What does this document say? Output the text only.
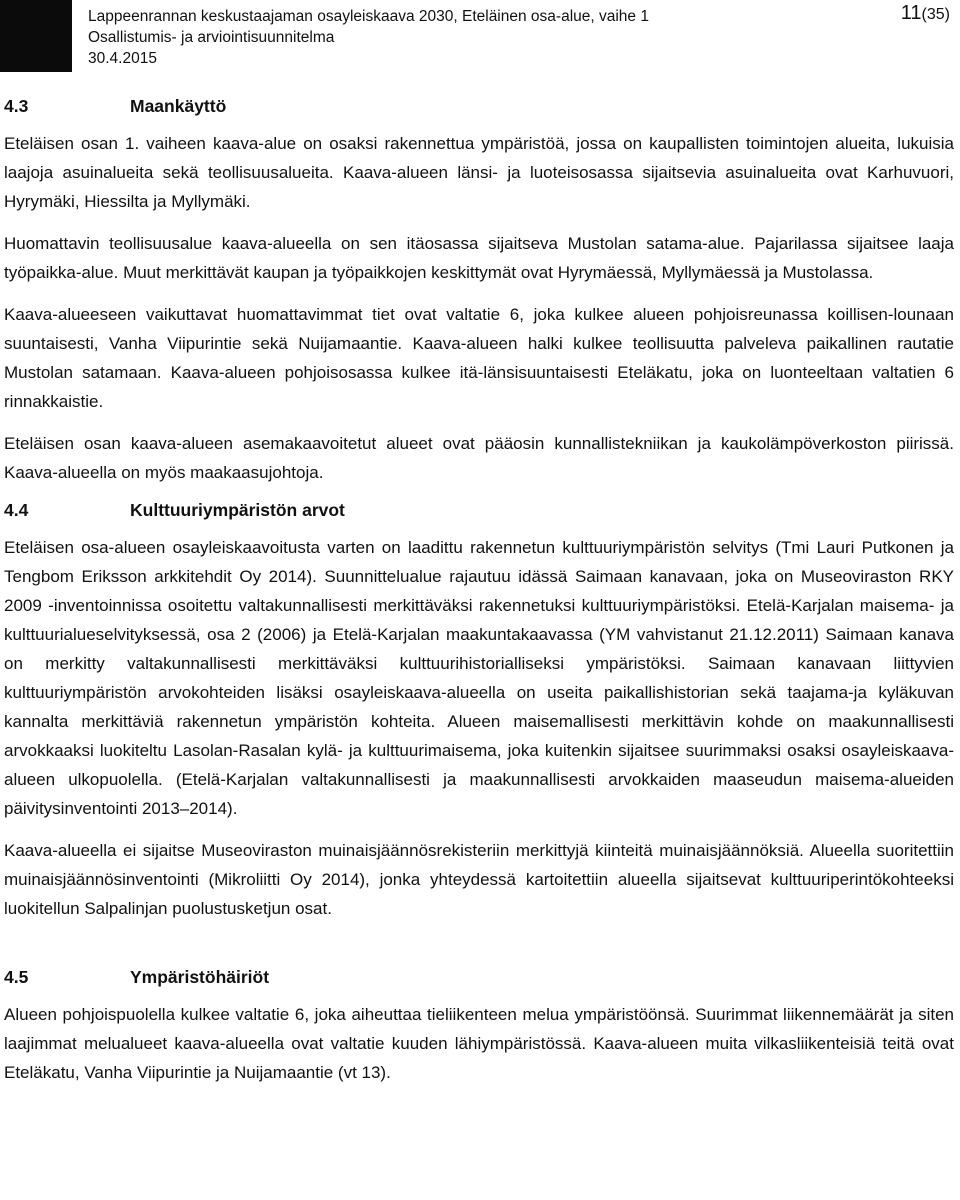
Lappeenrannan keskustaajaman osayleiskaava 2030, Eteläinen osa-alue, vaihe 1
Osallistumis- ja arviointisuunnitelma
30.4.2015
11(35)
4.3	Maankäyttö

Eteläisen osan 1. vaiheen kaava-alue on osaksi rakennettua ympäristöä, jossa on kaupallisten toimintojen alueita, lukuisia laajoja asuinalueita sekä teollisuusalueita. Kaava-alueen länsi- ja luoteisosassa sijaitsevia asuinalueita ovat Karhuvuori, Hyrymäki, Hiessilta ja Myllymäki.

Huomattavin teollisuusalue kaava-alueella on sen itäosassa sijaitseva Mustolan satama-alue. Pajarilassa sijaitsee laaja työpaikka-alue. Muut merkittävät kaupan ja työpaikkojen keskittymät ovat Hyrymäessä, Myllymäessä ja Mustolassa.

Kaava-alueeseen vaikuttavat huomattavimmat tiet ovat valtatie 6, joka kulkee alueen pohjoisreunassa koillisen-lounaan suuntaisesti, Vanha Viipurintie sekä Nuijamaantie. Kaava-alueen halki kulkee teollisuutta palveleva paikallinen rautatie Mustolan satamaan. Kaava-alueen pohjoisosassa kulkee itä-länsisuuntaisesti Eteläkatu, joka on luonteeltaan valtatien 6 rinnakkaistie.

Eteläisen osan kaava-alueen asemakaavoitetut alueet ovat pääosin kunnallistekniikan ja kaukolämpöverkoston piirissä. Kaava-alueella on myös maakaasujohtoja.

4.4	Kulttuuriympäristön arvot

Eteläisen osa-alueen osayleiskaavoitusta varten on laadittu rakennetun kulttuuriympäristön selvitys (Tmi Lauri Putkonen ja Tengbom Eriksson arkkitehdit Oy 2014). Suunnittelualue rajautuu idässä Saimaan kanavaan, joka on Museoviraston RKY 2009 -inventoinnissa osoitettu valtakunnallisesti merkittäväksi rakennetuksi kulttuuriympäristöksi. Etelä-Karjalan maisema- ja kulttuurialueselvityksessä, osa 2 (2006) ja Etelä-Karjalan maakuntakaavassa (YM vahvistanut 21.12.2011) Saimaan kanava on merkitty valtakunnallisesti merkittäväksi kulttuurihistorialliseksi ympäristöksi. Saimaan kanavaan liittyvien kulttuuriympäristön arvokohteiden lisäksi osayleiskaava-alueella on useita paikallishistorian sekä taajama-ja kyläkuvan kannalta merkittäviä rakennetun ympäristön kohteita. Alueen maisemallisesti merkittävin kohde on maakunnallisesti arvokkaaksi luokiteltu Lasolan-Rasalan kylä- ja kulttuurimaisema, joka kuitenkin sijaitsee suurimmaksi osaksi osayleiskaava-alueen ulkopuolella. (Etelä-Karjalan valtakunnallisesti ja maakunnallisesti arvokkaiden maaseudun maisema-alueiden päivitysinventointi 2013–2014).

Kaava-alueella ei sijaitse Museoviraston muinaisjäännösrekisteriin merkittyjä kiinteitä muinaisjäännöksiä. Alueella suoritettiin muinaisjäännösinventointi (Mikroliitti Oy 2014), jonka yhteydessä kartoitettiin alueella sijaitsevat kulttuuriperintökohteeksi luokitellun Salpalinjan puolustusketjun osat.

4.5	Ympäristöhäiriöt

Alueen pohjoispuolella kulkee valtatie 6, joka aiheuttaa tieliikenteen melua ympäristöönsä. Suurimmat liikennemäärät ja siten laajimmat melualueet kaava-alueella ovat valtatie kuuden lähiympäristössä. Kaava-alueen muita vilkasliikenteisiä teitä ovat Eteläkatu, Vanha Viipurintie ja Nuijamaantie (vt 13).
